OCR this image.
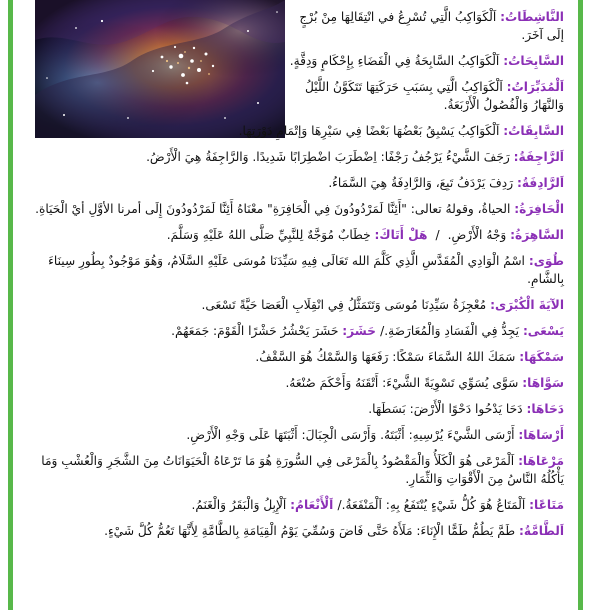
النَّاشِطَاتُ: اَلْكَوَاكِبُ الَّتِي تُسْرِعُ في انْتِقَالِهَا مِنْ بُرْجٍ إلَى آخَرَ.
السَّابِحَاتُ: اَلْكَوَاكِبُ السَّابِحَةُ فِي الْفَضَاءِ بِإِحْكَامٍ وَدِقَّةٍ.
اَلْمُدَبِّرَاتُ: اَلْكَوَاكِبُ الَّتِي بِسَبَبِ حَرَكَتِهَا تَتَكَوَّنُ اللَّيْلُ وَالنَّهَارُ وَالْفُصُولُ الْأَرْبَعَةُ.
السَّابِقَاتُ: اَلْكَوَاكِبُ يَسْبِقُ بَعْضُهَا بَعْضًا فِي سَيْرِهَا وَإتْمَامِ دَوْرَتِهَا.
اَلرَّاجِفَةُ: رَجَفَ الشَّيْءُ يَرْجُفُ رَجْفًا: اِضْطَرَبَ اضْطِرَابًا شَدِيدًا. وَالرَّاجِفَةُ هِيَ الْأَرْضُ.
اَلرَّادِفَةُ: رَدِفَ يَرْدَفُ تَبِعَ، وَالرَّادِفَةُ هِيَ السَّمَاءُ.
الْحَافِرَةُ: الحياةُ، وقولهُ تعالى: "أَئِنَّا لَمَرْدُودُونَ فِي الْحَافِرَةِ" معْنَاهُ أَئِنَّا لَمَرْدُودُونَ إِلَى أمرنا الأوَّلِ أيْ الْحَيَاةِ.
السَّاهِرَةُ: وَجْهُ الْأَرْضِ./هَلْ أَتَاكَ: خِطَابٌ مُوَجَّهٌ لِلنَّبِيِّ صَلَّى اللهُ عَلَيْهِ وَسَلَّمَ.
طُوَى: اسْمُ الْوَادِي الْمُقَدَّسِ الَّذِي كَلَّمَ الله تَعَالَى فِيهِ سَيِّدَنَا مُوسَى عَلَيْهِ السَّلَامُ، وَهُوَ مَوْجُودٌ بِطُورِ سِينَاءَ بِالشَّامِ.
الآيَةَ الْكُبْرَى: مُعْجِزَةُ سَيِّدِنَا مُوسَى وَتَتَمَثَّلُ فِي انْقِلَابِ الْعَصَا حَيَّةً تَسْعَى.
يَسْعَى: يَجِدُّ فِي الْفَسَادِ وَالْمُعَارَضَةِ./ حَشَرَ: حَشَرَ يَحْشُرُ حَشْرًا الْقَوْمَ: جَمَعَهُمْ.
سَمْكَهَا: سَمَكَ اللهُ السَّمَاءَ سَمْكًا: رَفَعَهَا وَالسَّمْكُ هُوَ السَّقْفُ.
سَوَّاهَا: سَوَّى يُسَوِّي تَسْوِيَةً الشَّيْءَ: أَتْقَنَهُ وَأَحْكَمَ صُنْعَهُ.
دَحَاهَا: دَحَا يَدْحُوا دَحْوًا الْأَرْضَ: بَسَطَهَا.
أَرْسَاهَا: أَرْسَى الشَّيْءَ يُرْسِيهِ: أَثْبَتَهُ. وَأَرْسَى الْجِبَالَ: أَثْبَتَهَا عَلَى وَجْهِ الْأَرْضِ.
مَرْعَاهَا: اَلْمَرْعَى هُوَ الْكَلَأُ وَالْمَقْصُودُ بِالْمَرْعَى فِي السُّورَةِ هُوَ مَا تَرْعَاهُ الْحَيَوَانَاتُ مِنَ الشَّجَرِ وَالْعُشْبِ وَمَا يَأْكُلُهُ النَّاسُ مِنَ الْأَقْوَاتِ وَالثِّمَارِ.
مَتَاعًا: اَلْمَتَاعُ هُوَ كُلُّ شَيْءٍ يُنْتَفَعُ بِهِ: اَلْمَنْفَعَةُ./ اَلْأَنْعَامُ: اَلْإِبِلُ وَالْبَقَرُ وَالْغَنَمُ.
اَلطَّامَّةُ: طَمَّ يَطُمُّ طَمًّا الْإِنَاءَ: مَلَأَهُ حَتَّى فَاضَ وَسُمِّيَ يَوْمُ الْقِيَامَةِ بِالطَّامَّةِ لِأَنَّهَا تَعُمُّ كُلَّ شَيْءٍ.
